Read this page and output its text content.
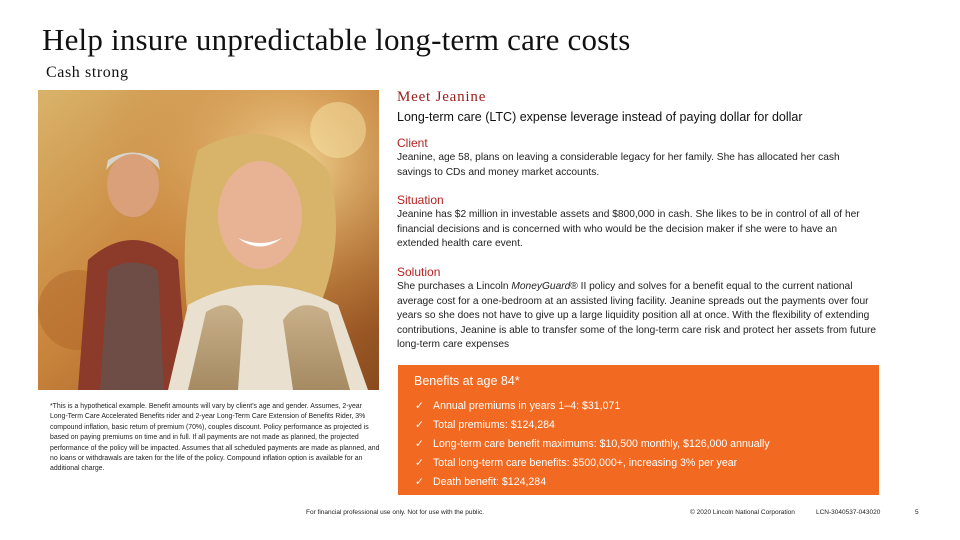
Help insure unpredictable long-term care costs
Cash strong
Meet Jeanine
Long-term care (LTC) expense leverage instead of paying dollar for dollar
Client
Jeanine, age 58, plans on leaving a considerable legacy for her family. She has allocated her cash savings to CDs and money market accounts.
Situation
Jeanine has $2 million in investable assets and $800,000 in cash. She likes to be in control of all of her financial decisions and is concerned with who would be the decision maker if she were to have an extended health care event.
Solution
She purchases a Lincoln MoneyGuard® II policy and solves for a benefit equal to the current national average cost for a one-bedroom at an assisted living facility. Jeanine spreads out the payments over four years so she does not have to give up a large liquidity position all at once. With the flexibility of extending contributions, Jeanine is able to transfer some of the long-term care risk and protect her assets from future long-term care expenses
*This is a hypothetical example. Benefit amounts will vary by client's age and gender. Assumes, 2-year Long-Term Care Accelerated Benefits rider and 2-year Long-Term Care Extension of Benefits Rider, 3% compound inflation, basic return of premium (70%), couples discount. Policy performance as projected is based on paying premiums on time and in full. If all payments are not made as planned, the projected performance of the policy will be impacted. Assumes that all scheduled payments are made as planned, and no loans or withdrawals are taken for the life of the policy. Compound inflation option is available for an additional charge.
Benefits at age 84*
✓ Annual premiums in years 1–4: $31,071
✓ Total premiums: $124,284
✓ Long-term care benefit maximums: $10,500 monthly, $126,000 annually
✓ Total long-term care benefits: $500,000+, increasing 3% per year
✓ Death benefit: $124,284
For financial professional use only. Not for use with the public.	© 2020 Lincoln National Corporation	LCN-3040537-043020	5
